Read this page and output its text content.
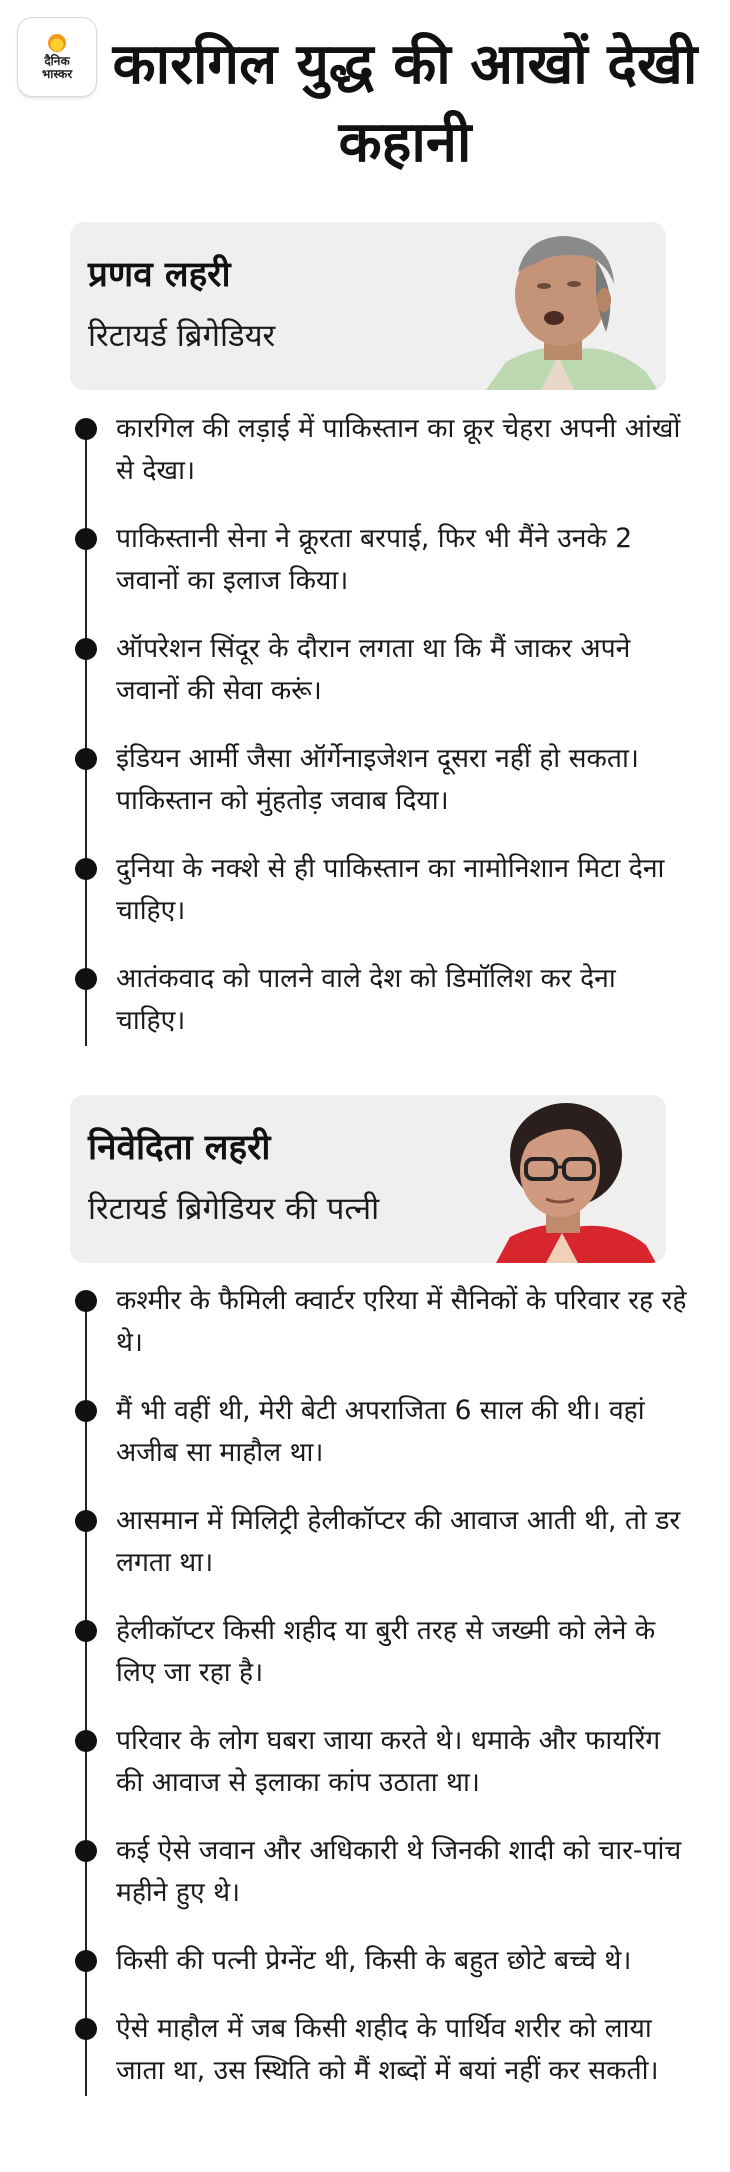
दैनिक
भास्कर कारगिल युद्ध की आखों देखी कहानी
प्रणव लहरी
रिटायर्ड ब्रिगेडियर
कारगिल की लड़ाई में पाकिस्तान का क्रूर चेहरा अपनी आंखों से देखा।
पाकिस्तानी सेना ने क्रूरता बरपाई, फिर भी मैंने उनके 2 जवानों का इलाज किया।
ऑपरेशन सिंदूर के दौरान लगता था कि मैं जाकर अपने जवानों की सेवा करूं।
इंडियन आर्मी जैसा ऑर्गेनाइजेशन दूसरा नहीं हो सकता। पाकिस्तान को मुंहतोड़ जवाब दिया।
दुनिया के नक्शे से ही पाकिस्तान का नामोनिशान मिटा देना चाहिए।
आतंकवाद को पालने वाले देश को डिमॉलिश कर देना चाहिए।
निवेदिता लहरी
रिटायर्ड ब्रिगेडियर की पत्नी
कश्मीर के फैमिली क्वार्टर एरिया में सैनिकों के परिवार रह रहे थे।
मैं भी वहीं थी, मेरी बेटी अपराजिता 6 साल की थी। वहां अजीब सा माहौल था।
आसमान में मिलिट्री हेलीकॉप्टर की आवाज आती थी, तो डर लगता था।
हेलीकॉप्टर किसी शहीद या बुरी तरह से जख्मी को लेने के लिए जा रहा है।
परिवार के लोग घबरा जाया करते थे। धमाके और फायरिंग की आवाज से इलाका कांप उठाता था।
कई ऐसे जवान और अधिकारी थे जिनकी शादी को चार-पांच महीने हुए थे।
किसी की पत्नी प्रेग्नेंट थी, किसी के बहुत छोटे बच्चे थे।
ऐसे माहौल में जब किसी शहीद के पार्थिव शरीर को लाया जाता था, उस स्थिति को मैं शब्दों में बयां नहीं कर सकती।
